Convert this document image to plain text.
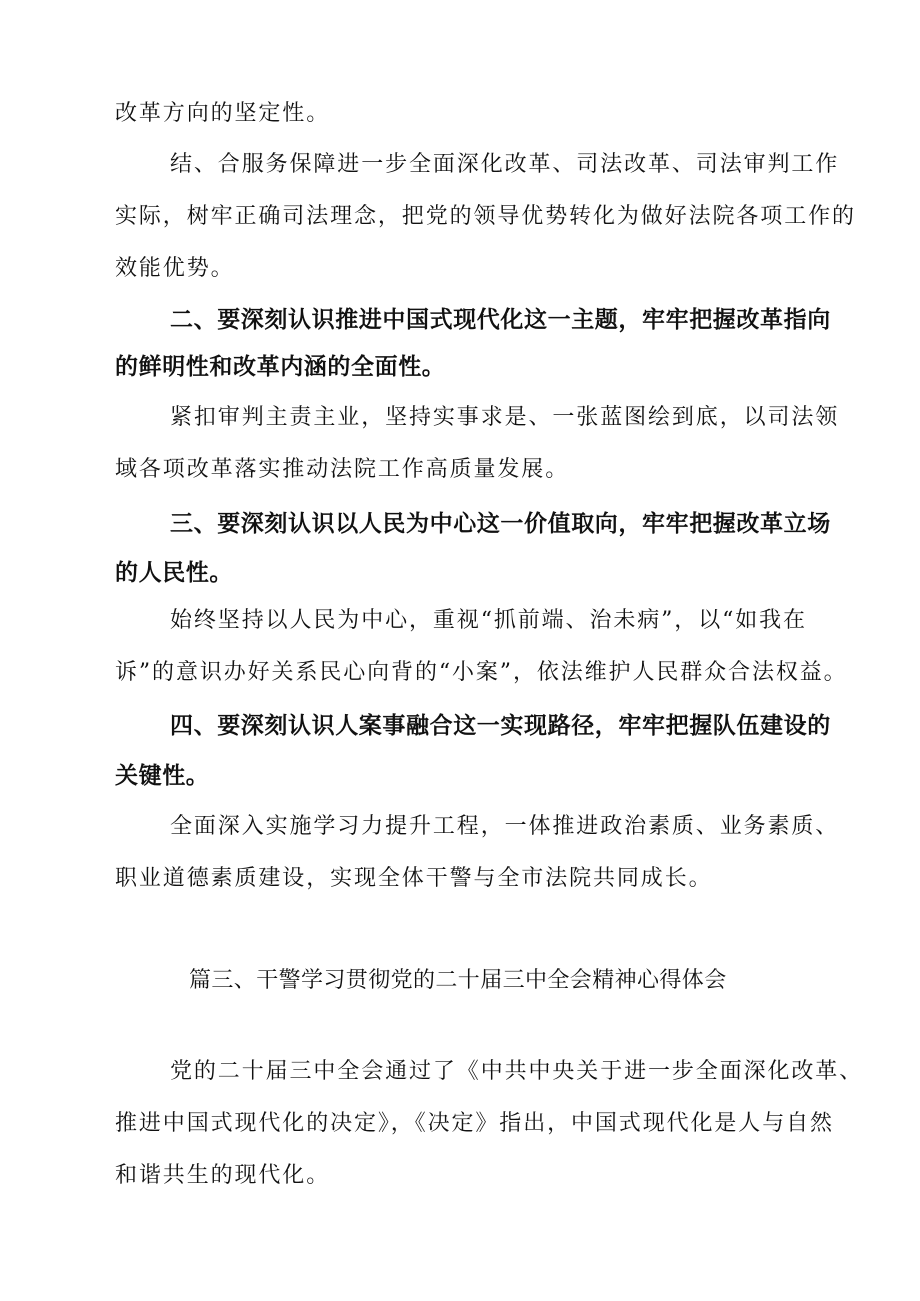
改革方向的坚定性。

结、合服务保障进一步全面深化改革、司法改革、司法审判工作

实际，树牢正确司法理念，把党的领导优势转化为做好法院各项工作的

效能优势。

二、要深刻认识推进中国式现代化这一主题，牢牢把握改革指向

的鲜明性和改革内涵的全面性。

紧扣审判主责主业，坚持实事求是、一张蓝图绘到底，以司法领

域各项改革落实推动法院工作高质量发展。

三、要深刻认识以人民为中心这一价值取向，牢牢把握改革立场

的人民性。

始终坚持以人民为中心，重视“抓前端、治未病”，以“如我在

诉”的意识办好关系民心向背的“小案”，依法维护人民群众合法权益。

四、要深刻认识人案事融合这一实现路径，牢牢把握队伍建设的

关键性。

全面深入实施学习力提升工程，一体推进政治素质、业务素质、

职业道德素质建设，实现全体干警与全市法院共同成长。

篇三、干警学习贯彻党的二十届三中全会精神心得体会

党的二十届三中全会通过了《中共中央关于进一步全面深化改革、

推进中国式现代化的决定》，《决定》指出，中国式现代化是人与自然

和谐共生的现代化。
